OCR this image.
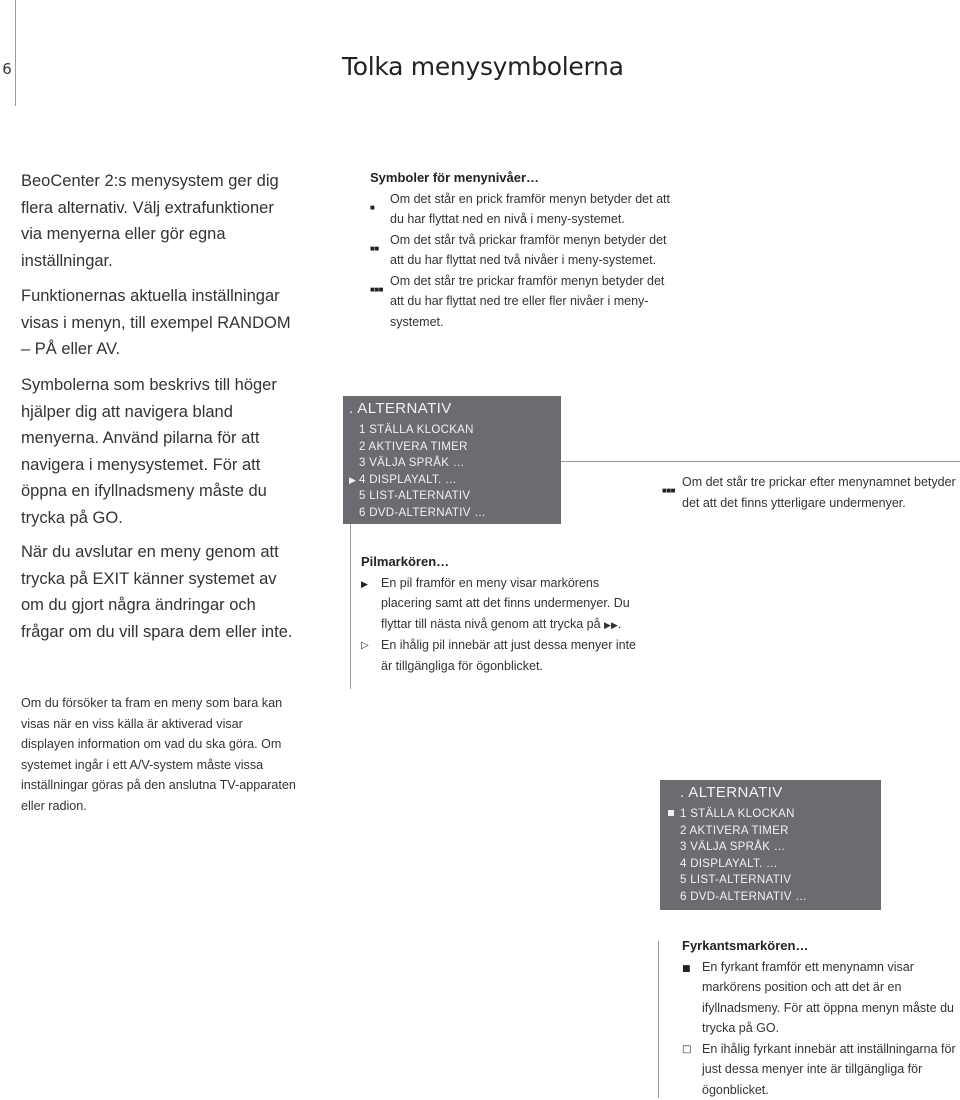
6	Tolka menysymbolerna

BeoCenter 2:s menysystem ger dig flera alternativ. Välj extrafunktioner via menyerna eller gör egna inställningar.

Funktionernas aktuella inställningar visas i menyn, till exempel RANDOM – PÅ eller AV.

Symbolerna som beskrivs till höger hjälper dig att navigera bland menyerna. Använd pilarna för att navigera i menysystemet. För att öppna en ifyllnadsmeny måste du trycka på GO.

När du avslutar en meny genom att trycka på EXIT känner systemet av om du gjort några ändringar och frågar om du vill spara dem eller inte.

Om du försöker ta fram en meny som bara kan visas när en viss källa är aktiverad visar displayen information om vad du ska göra. Om systemet ingår i ett A/V-system måste vissa inställningar göras på den anslutna TV-apparaten eller radion.

Symboler för menynivåer…
■
Om det står en prick framför menyn betyder det att du har flyttat ned en nivå i meny-systemet.
■■
Om det står två prickar framför menyn betyder det att du har flyttat ned två nivåer i meny-systemet.
■■■
Om det står tre prickar framför menyn betyder det att du har flyttat ned tre eller fler nivåer i meny-systemet.
. ALTERNATIV
1 STÄLLA KLOCKAN
2 AKTIVERA TIMER
3 VÄLJA SPRÅK …
▶ 4 DISPLAYALT. …
5 LIST-ALTERNATIV
6 DVD-ALTERNATIV …
■■■
Om det står tre prickar efter menynamnet betyder det att det finns ytterligare undermenyer.
Pilmarkören…
▶ En pil framför en meny visar markörens placering samt att det finns undermenyer. Du flyttar till nästa nivå genom att trycka på ▶▶.
▷ En ihålig pil innebär att just dessa menyer inte är tillgängliga för ögonblicket.
. ALTERNATIV
1 STÄLLA KLOCKAN
2 AKTIVERA TIMER
3 VÄLJA SPRÅK …
4 DISPLAYALT. …
5 LIST-ALTERNATIV
6 DVD-ALTERNATIV …
Fyrkantsmarkören…
■ En fyrkant framför ett menynamn visar markörens position och att det är en ifyllnadsmeny. För att öppna menyn måste du trycka på GO.
□ En ihålig fyrkant innebär att inställningarna för just dessa menyer inte är tillgängliga för ögonblicket.
